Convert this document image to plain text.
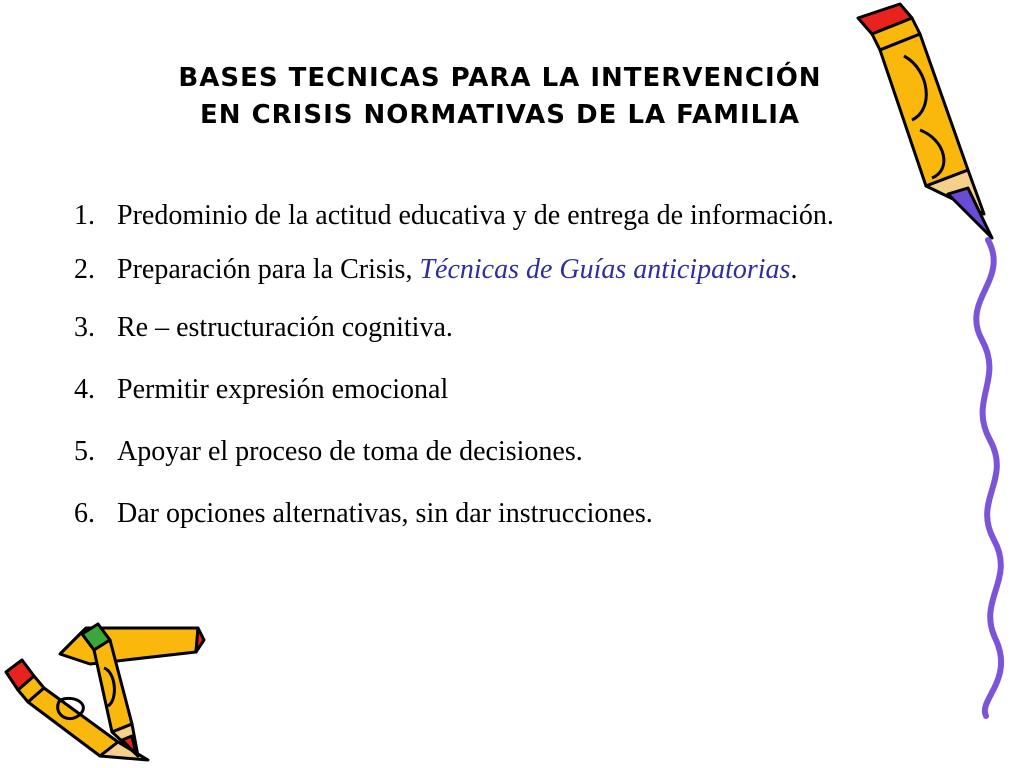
BASES TECNICAS PARA LA INTERVENCIÓN
EN CRISIS NORMATIVAS DE LA FAMILIA
1. Predominio de la actitud educativa y de entrega de información.
2. Preparación para la Crisis, Técnicas de Guías anticipatorias.
3. Re – estructuración cognitiva.
4. Permitir expresión emocional
5. Apoyar el proceso de toma de decisiones.
6. Dar opciones alternativas, sin dar instrucciones.
